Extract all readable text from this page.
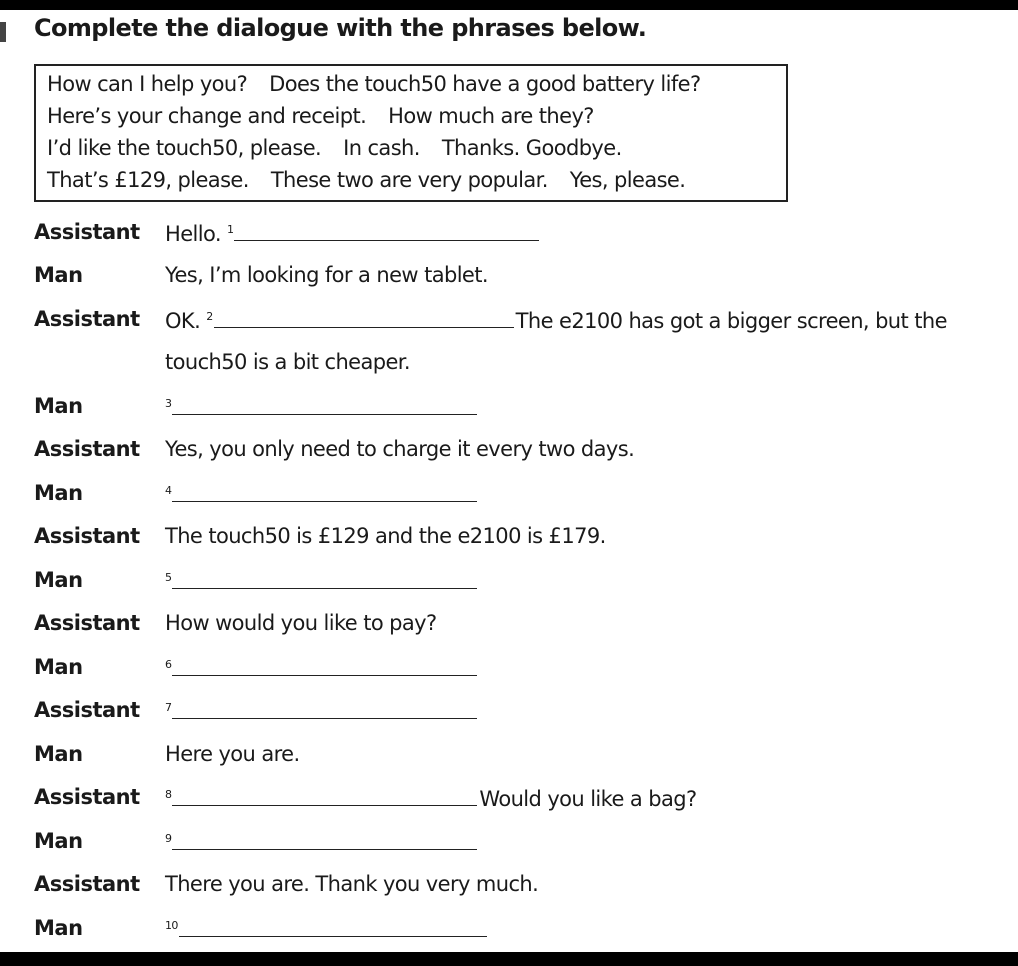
Complete the dialogue with the phrases below.
How can I help you? Does the touch50 have a good battery life?
Here’s your change and receipt. How much are they?
I’d like the touch50, please. In cash. Thanks. Goodbye.
That’s £129, please. These two are very popular. Yes, please.
Assistant Hello. $^1$
Man	Yes, I’m looking for a new tablet.
Assistant OK. $^2$	The e2100 has got a bigger screen, but the
touch50 is a bit cheaper.
Man	$^3$
Assistant Yes, you only need to charge it every two days.
Man	$^4$
Assistant The touch50 is £129 and the e2100 is £179.
Man	$^5$
Assistant How would you like to pay?
Man	$^6$
Assistant $^7$
Man	Here you are.
Assistant $^8$	Would you like a bag?
Man	$^9$
Assistant There you are. Thank you very much.
Man	$^{10}$
